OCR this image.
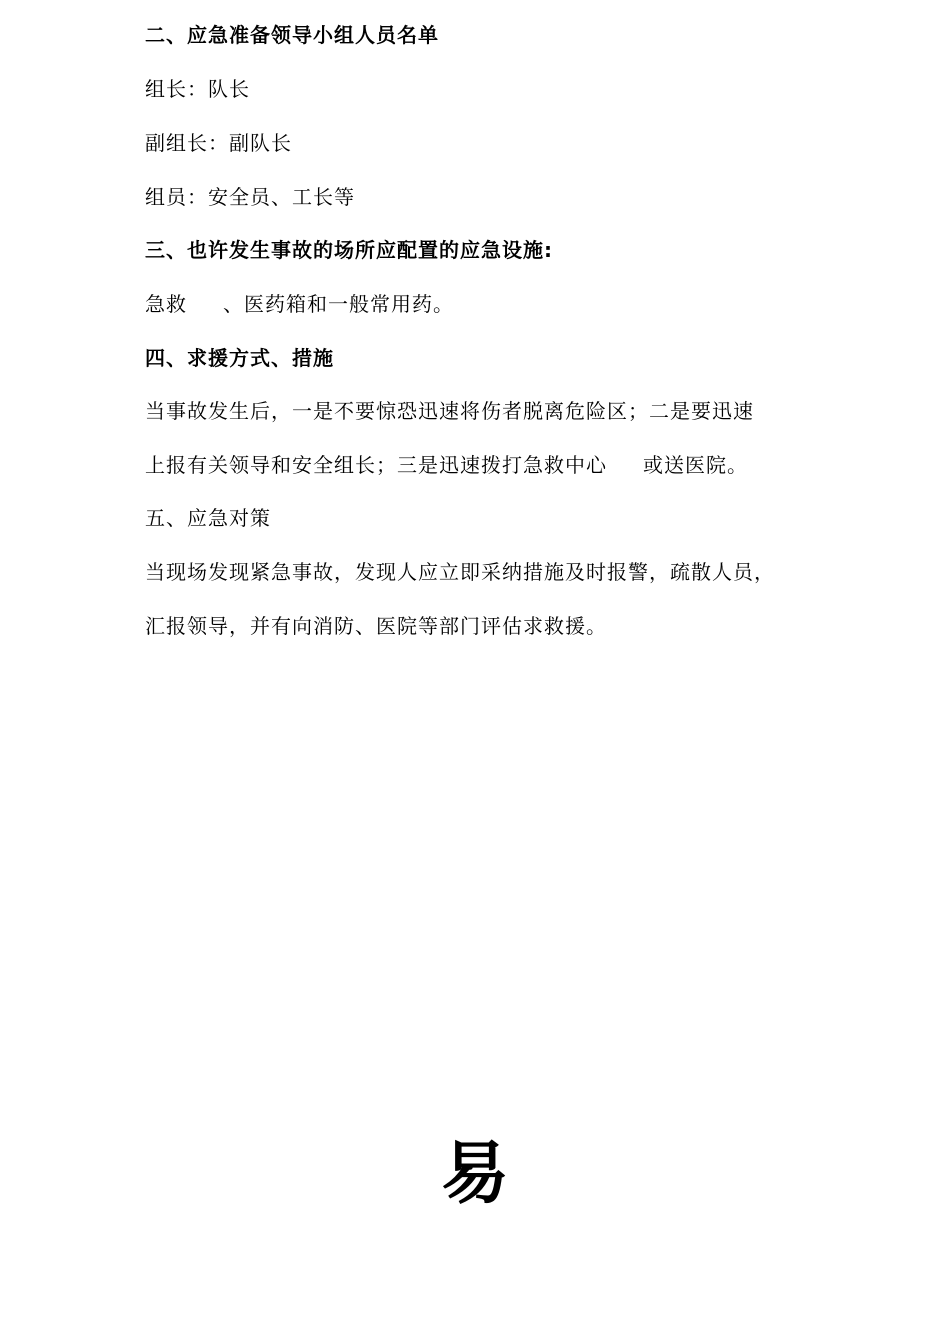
二、应急准备领导小组人员名单
组长：队长
副组长：副队长
组员：安全员、工长等
三、也许发生事故的场所应配置的应急设施:
急救 、医药箱和一般常用药。
四、求援方式、措施
当事故发生后，一是不要惊恐迅速将伤者脱离危险区；二是要迅速
上报有关领导和安全组长；三是迅速拨打急救中心 或送医院。
五、应急对策
当现场发现紧急事故，发现人应立即采纳措施及时报警，疏散人员，
汇报领导，并有向消防、医院等部门评估求救援。
易
